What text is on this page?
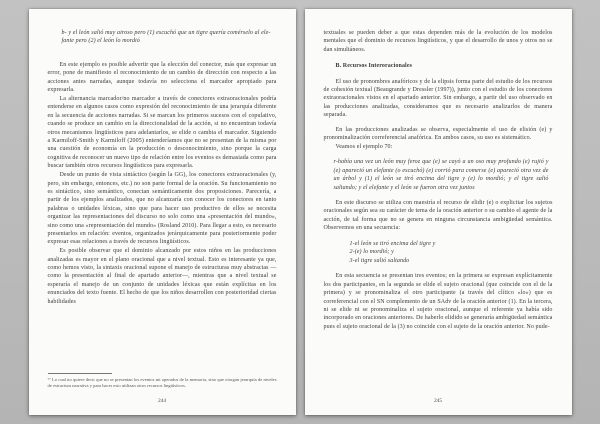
b- y el león salió muy airoso pero (1) escuchó que un tigre quería comérselo al ele- fante pero (2) el león lo mordió

En este ejemplo es posible advertir que la elección del conector, más que expresar un error, pone de manifiesto el reconocimiento de un cambio de dirección con respecto a las acciones antes narradas, aunque todavía no selecciona el marcador apropiado para expresarla.

La alternancia marcador/no marcador a través de conectores extraoracionales podría entenderse en algunos casos como expresión del reconocimiento de una jerarquía diferente en la secuencia de acciones narradas. Si se marcan los primeros sucesos con el copulativo, cuando se produce un cambio en la direccionalidad de la acción, si no encuentran todavía otros mecanismos lingüísticos para adelantarlos, se elide o cambia el marcador. Siguiendo a Karmiloff-Smith y Karmiloff (2005) entenderíamos que no se presentan de la misma por una cuestión de economía en la producción o desconocimiento, sino porque la carga cognitiva de reconocer un nuevo tipo de relación entre los eventos es demasiada como para buscar también otros recursos lingüísticos para expresarla.

Desde un punto de vista sintáctico (según la GG), los conectores extraoracionales (y, pero, sin embargo, entonces, etc.) no son parte formal de la oración. Su funcionamiento no es sintáctico, sino semántico, conectan semánticamente dos proposiciones. Parecería, a partir de los ejemplos analizados, que no alcanzaría con conocer los conectores en tanto palabras o unidades léxicas, sino que para hacer uso productivo de ellos se necesita organizar las representaciones del discurso no solo como una «presentación del mundo», sino como una «representación del mundo» (Rosland 2010). Para llegar a esto, es necesario presentarlos en relación: eventos, organizados jerárquicamente para posteriormente poder expresar esas relaciones a través de recursos lingüísticos.

Es posible observar que el dominio alcanzado por estos niños en las producciones analizadas es mayor en el plano oracional que a nivel textual. Esto es interesante ya que, como hemos visto, la sintaxis oracional supone el manejo de estructuras muy abstractas —como la presentación al final de apartado anterior—, mientras que a nivel textual se esperaría el manejo de un conjunto de unidades léxicas que están explícitas en los enunciados del texto fuente. El hecho de que los niños desarrollen con posterioridad ciertas habilidades

⁷⁷ Lo cual no quiere decir que no se presentan los eventos mi operados de la memoria, sino que otorgan jerarquía de niveles de estructura narrativa y para hacer esto utilizan otros recursos lingüísticos.
244

textuales se pueden deber a que estas dependen más de la evolución de los modelos mentales que el dominio de recursos lingüísticos, y que el desarrollo de unos y otros no se dan simultáneos.

B. Recursos Interoracionales

El uso de pronombres anafóricos y de la elipsis forma parte del estudio de los recursos de cohesión textual (Beaugrande y Dressler (1997)), junto con el estudio de los conectores extraoracionales vistos en el apartado anterior. Sin embargo, a partir del uso observado en las producciones analizadas, consideramos que es necesario analizarlos de manera separada.

En las producciones analizadas se observa, especialmente el uso de elisión (e) y pronominalización correferencial anafórica. En ambos casos, su uso es sistemático.

Veamos el ejemplo 70:

r-había una vez un león muy feroz que (e) se cayó a un oso muy profundo (e) rujió y (e) apareció un elefante (o escuchó) (e) corrió para comerse (e) apareció otra vez de un árbol y (1) el león se tiró encima del tigre y (e) lo mordió; y el tigre salió saltando; y el elefante y el león se fueron otra vez juntos

En este discurso se utiliza con maestría el recurso de elidir (e) o explicitar los sujetos oracionales según sea su carácter de tema de la oración anterior o su cambio el agente de la acción, de tal forma que no se genera en ninguna circunstancia ambigüedad semántica. Observemos en una secuencia:

1-el león se tiró encima del tigre y
2-(e) lo mordió; y
3-el tigre salió saltando

En esta secuencia se presentan tres eventos; en la primera se expresan explícitamente los dos participantes, en la segunda se elide el sujeto oracional (que coincide con el de la primera) y se pronominaliza el otro participante (a través del clítico «lo») que es correferencial con el SN complemento de un SAdv de la oración anterior (1). En la tercera, ni se elide ni se pronominaliza el sujeto oracional, aunque el referente ya había sido incorporado en oraciones anteriores. De haberlo elidido se generaría ambigüedad semántica pues el sujeto oracional de la (3) no coincide con el sujeto de la oración anterior. No pude-

245
